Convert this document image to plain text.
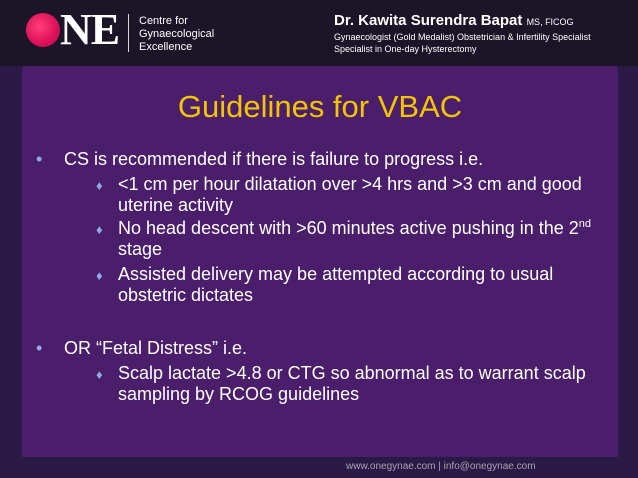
NE Centre for
Gynaecological
Excellence
Dr. Kawita Surendra Bapat MS, FICOG
Gynaecologist (Gold Medalist) Obstetrician & Infertility Specialist
Specialist in One-day Hysterectomy
Guidelines for VBAC
• CS is recommended if there is failure to progress i.e.
♦ <1 cm per hour dilatation over >4 hrs and >3 cm and good uterine activity
♦ No head descent with >60 minutes active pushing in the 2nd stage
♦ Assisted delivery may be attempted according to usual obstetric dictates
• OR “Fetal Distress” i.e.
♦ Scalp lactate >4.8 or CTG so abnormal as to warrant scalp sampling by RCOG guidelines
www.onegynae.com | info@onegynae.com
